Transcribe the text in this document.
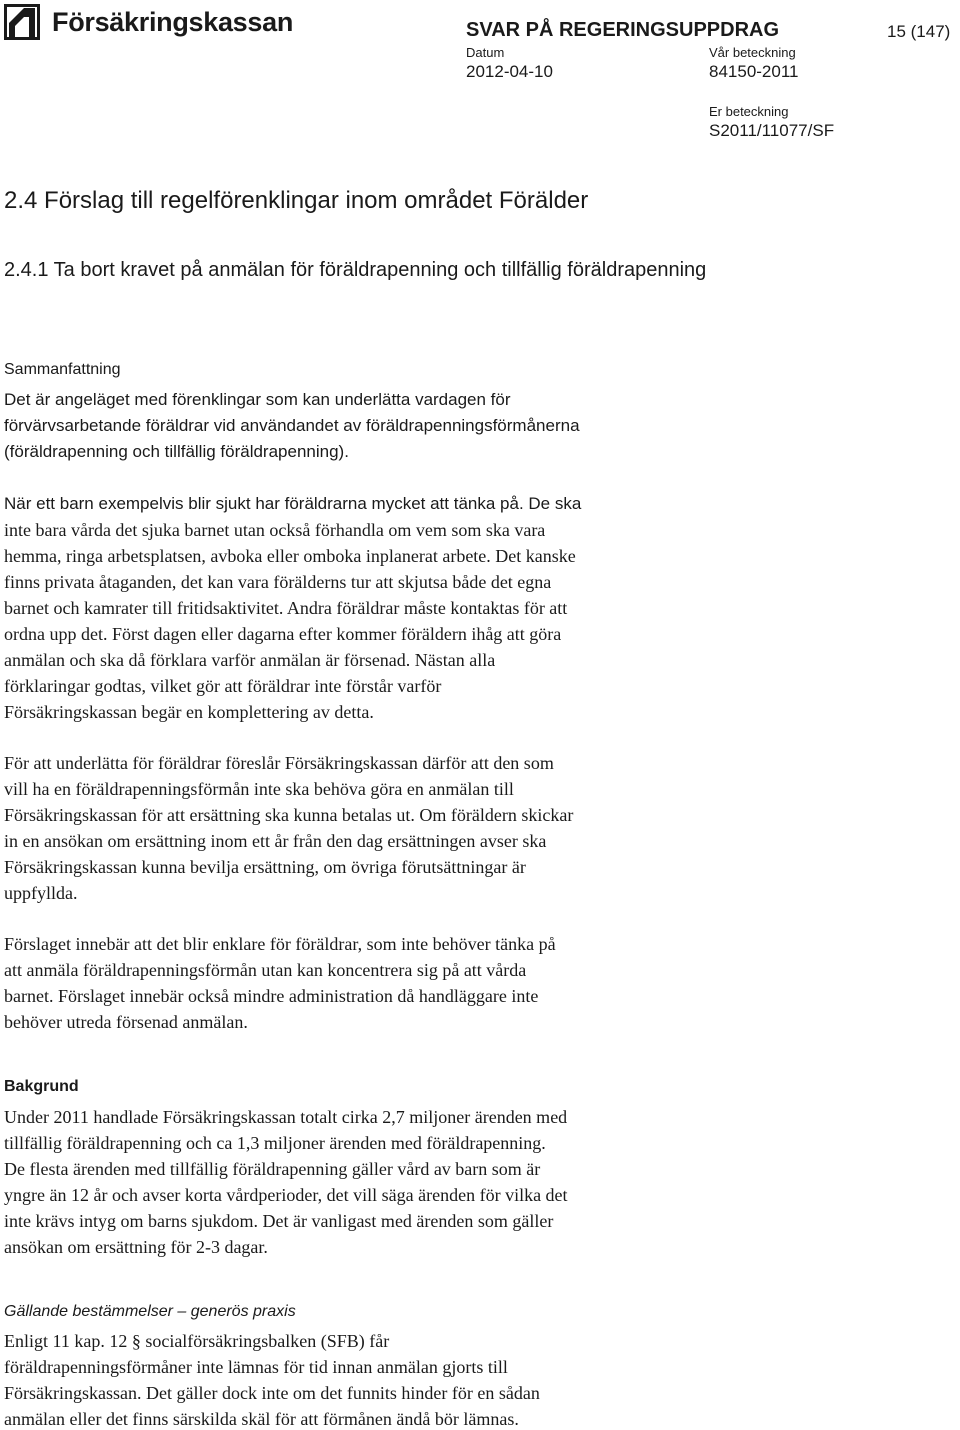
Försäkringskassan	SVAR PÅ REGERINGSUPPDRAG	15 (147)
Datum
2012-04-10
Vår beteckning
84150-2011
Er beteckning
S2011/11077/SF
2.4 Förslag till regelförenklingar inom området Förälder
2.4.1 Ta bort kravet på anmälan för föräldrapenning och tillfällig föräldrapenning
Sammanfattning
Det är angeläget med förenklingar som kan underlätta vardagen för
förvärvsarbetande föräldrar vid användandet av föräldrapenningsförmånerna
(föräldrapenning och tillfällig föräldrapenning).
När ett barn exempelvis blir sjukt har föräldrarna mycket att tänka på. De ska
inte bara vårda det sjuka barnet utan också förhandla om vem som ska vara
hemma, ringa arbetsplatsen, avboka eller omboka inplanerat arbete. Det kanske
finns privata åtaganden, det kan vara förälderns tur att skjutsa både det egna
barnet och kamrater till fritidsaktivitet. Andra föräldrar måste kontaktas för att
ordna upp det. Först dagen eller dagarna efter kommer föräldern ihåg att göra
anmälan och ska då förklara varför anmälan är försenad. Nästan alla
förklaringar godtas, vilket gör att föräldrar inte förstår varför
Försäkringskassan begär en komplettering av detta.
För att underlätta för föräldrar föreslår Försäkringskassan därför att den som
vill ha en föräldrapenningsförmån inte ska behöva göra en anmälan till
Försäkringskassan för att ersättning ska kunna betalas ut. Om föräldern skickar
in en ansökan om ersättning inom ett år från den dag ersättningen avser ska
Försäkringskassan kunna bevilja ersättning, om övriga förutsättningar är
uppfyllda.
Förslaget innebär att det blir enklare för föräldrar, som inte behöver tänka på
att anmäla föräldrapenningsförmån utan kan koncentrera sig på att vårda
barnet. Förslaget innebär också mindre administration då handläggare inte
behöver utreda försenad anmälan.
Bakgrund
Under 2011 handlade Försäkringskassan totalt cirka 2,7 miljoner ärenden med
tillfällig föräldrapenning och ca 1,3 miljoner ärenden med föräldrapenning.
De flesta ärenden med tillfällig föräldrapenning gäller vård av barn som är
yngre än 12 år och avser korta vårdperioder, det vill säga ärenden för vilka det
inte krävs intyg om barns sjukdom. Det är vanligast med ärenden som gäller
ansökan om ersättning för 2-3 dagar.
Gällande bestämmelser – generös praxis
Enligt 11 kap. 12 § socialförsäkringsbalken (SFB) får
föräldrapenningsförmåner inte lämnas för tid innan anmälan gjorts till
Försäkringskassan. Det gäller dock inte om det funnits hinder för en sådan
anmälan eller det finns särskilda skäl för att förmånen ändå bör lämnas.
